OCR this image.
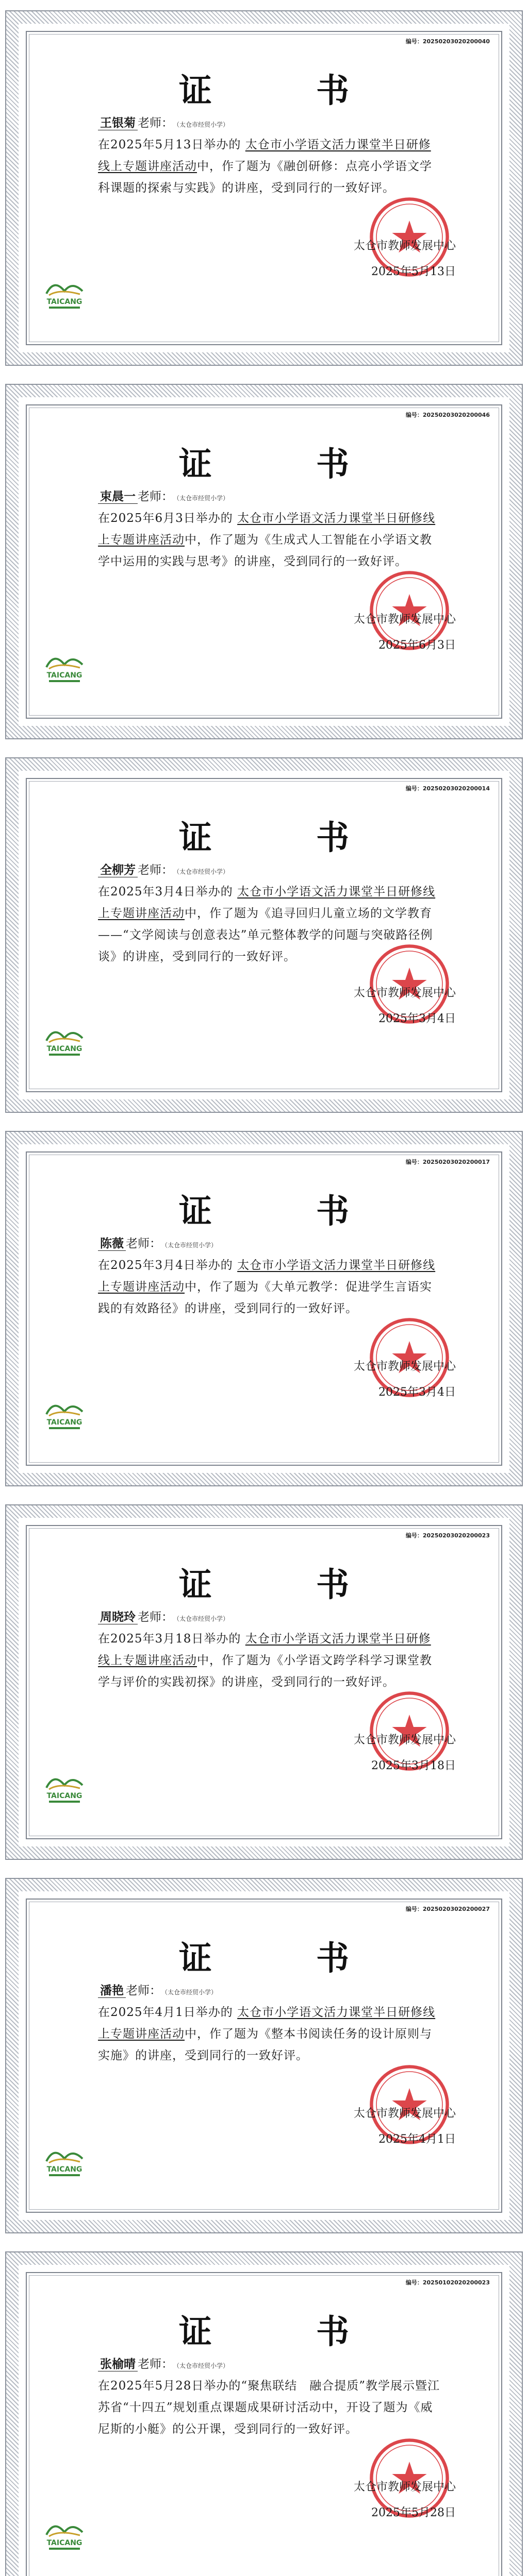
编号：20250203020200040
证 书
王银菊 老师： （太仓市经贸小学）
在2025年5月13日举办的 太仓市小学语文活力课堂半日研修线上专题讲座活动中，作了题为《融创研修：点亮小学语文学科课题的探索与实践》的讲座，受到同行的一致好评。
太仓市教师发展中心
2025年5月13日
TAICANG
编号：20250203020200046
证 书
束晨一 老师： （太仓市经贸小学）
在2025年6月3日举办的 太仓市小学语文活力课堂半日研修线上专题讲座活动中，作了题为《生成式人工智能在小学语文教学中运用的实践与思考》的讲座，受到同行的一致好评。
太仓市教师发展中心
2025年6月3日
TAICANG
编号：20250203020200014
证 书
全柳芳 老师： （太仓市经贸小学）
在2025年3月4日举办的 太仓市小学语文活力课堂半日研修线上专题讲座活动中，作了题为《追寻回归儿童立场的文学教育——“文学阅读与创意表达”单元整体教学的问题与突破路径例谈》的讲座，受到同行的一致好评。
太仓市教师发展中心
2025年3月4日
TAICANG
编号：20250203020200017
证 书
陈薇 老师： （太仓市经贸小学）
在2025年3月4日举办的 太仓市小学语文活力课堂半日研修线上专题讲座活动中，作了题为《大单元教学：促进学生言语实践的有效路径》的讲座，受到同行的一致好评。
太仓市教师发展中心
2025年3月4日
TAICANG
编号：20250203020200023
证 书
周晓玲 老师： （太仓市经贸小学）
在2025年3月18日举办的 太仓市小学语文活力课堂半日研修线上专题讲座活动中，作了题为《小学语文跨学科学习课堂教学与评价的实践初探》的讲座，受到同行的一致好评。
太仓市教师发展中心
2025年3月18日
TAICANG
编号：20250203020200027
证 书
潘艳 老师： （太仓市经贸小学）
在2025年4月1日举办的 太仓市小学语文活力课堂半日研修线上专题讲座活动中，作了题为《整本书阅读任务的设计原则与实施》的讲座，受到同行的一致好评。
太仓市教师发展中心
2025年4月1日
TAICANG
编号：20250102020200023
证 书
张榆晴 老师： （太仓市经贸小学）
在2025年5月28日举办的“聚焦联结　融合提质”教学展示暨江苏省“十四五”规划重点课题成果研讨活动中，开设了题为《威尼斯的小艇》的公开课，受到同行的一致好评。
太仓市教师发展中心
2025年5月28日
TAICANG
